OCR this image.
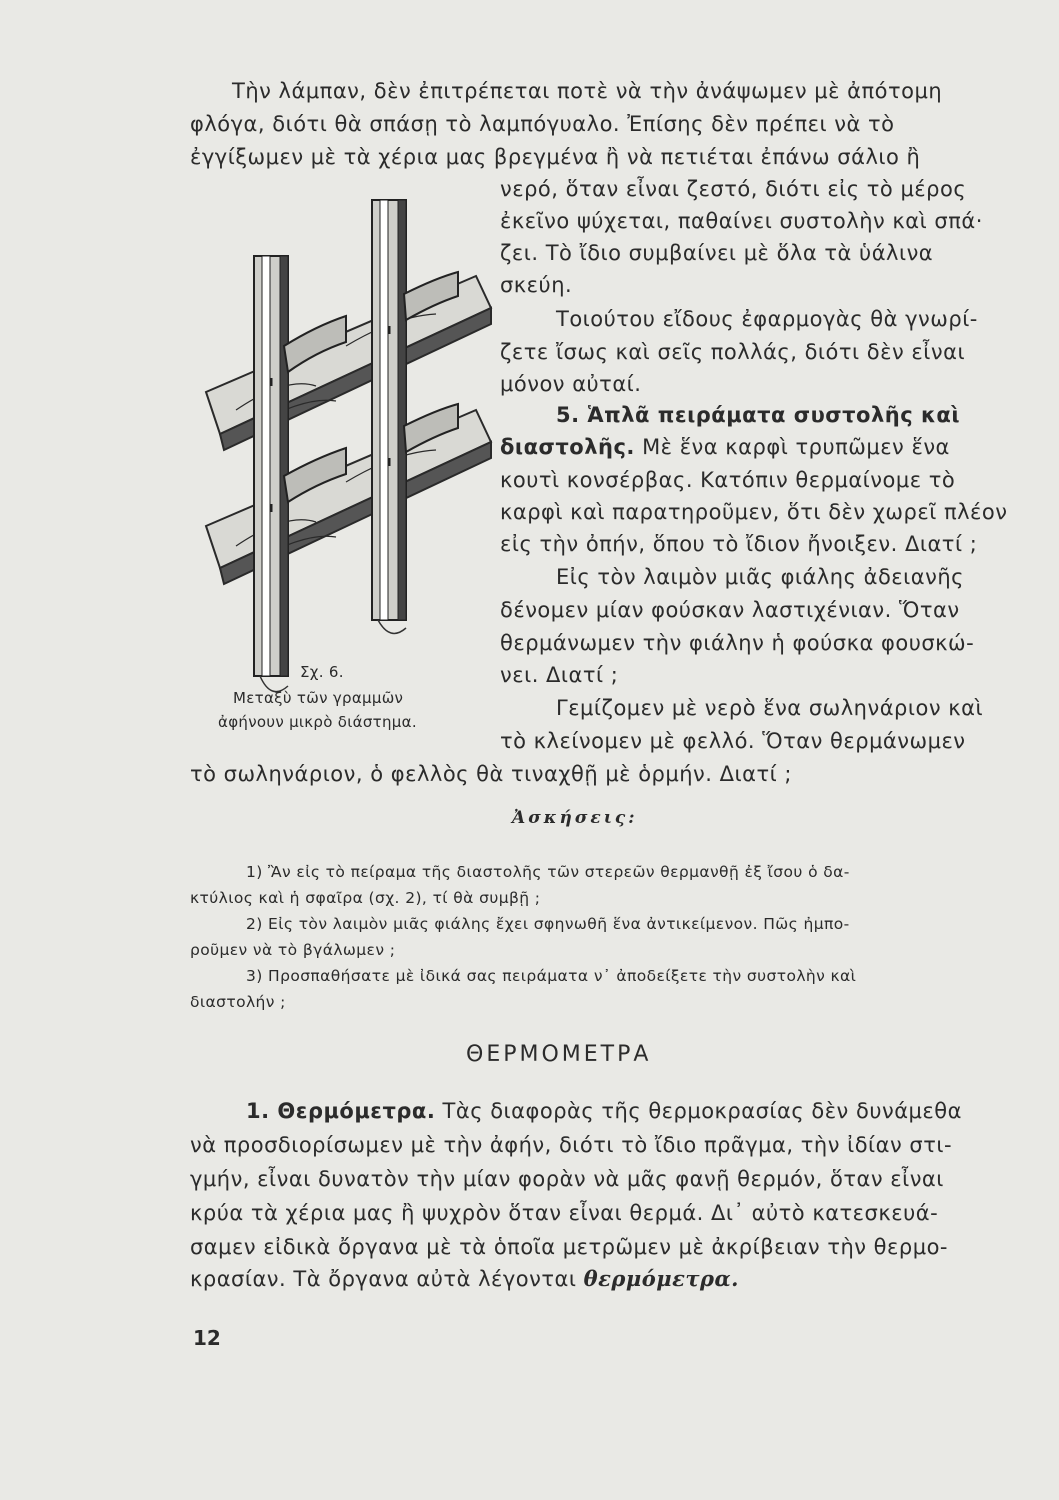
Τὴν λάμπαν, δὲν ἐπιτρέπεται ποτὲ νὰ τὴν ἀνάψωμεν μὲ ἀπότομη
φλόγα, διότι θὰ σπάσῃ τὸ λαμπόγυαλο. Ἐπίσης δὲν πρέπει νὰ τὸ
ἐγγίξωμεν μὲ τὰ χέρια μας βρεγμένα ἢ νὰ πετιέται ἐπάνω σάλιο ἢ
νερό, ὅταν εἶναι ζεστό, διότι εἰς τὸ μέρος
ἐκεῖνο ψύχεται, παθαίνει συστολὴν καὶ σπά·
ζει. Τὸ ἴδιο συμβαίνει μὲ ὅλα τὰ ὑάλινα
σκεύη.
Τοιούτου εἴδους ἐφαρμογὰς θὰ γνωρί-
ζετε ἴσως καὶ σεῖς πολλάς, διότι δὲν εἶναι
μόνον αὐταί.
5. Ἁπλᾶ πειράματα συστολῆς καὶ
διαστολῆς. Μὲ ἕνα καρφὶ τρυπῶμεν ἕνα
κουτὶ κονσέρβας. Κατόπιν θερμαίνομε τὸ
καρφὶ καὶ παρατηροῦμεν, ὅτι δὲν χωρεῖ πλέον
εἰς τὴν ὀπήν, ὅπου τὸ ἴδιον ἤνοιξεν. Διατί ;
Εἰς τὸν λαιμὸν μιᾶς φιάλης ἀδειανῆς
δένομεν μίαν φούσκαν λαστιχένιαν. Ὅταν
θερμάνωμεν τὴν φιάλην ἡ φούσκα φουσκώ-
νει. Διατί ;
Γεμίζομεν μὲ νερὸ ἕνα σωληνάριον καὶ
τὸ κλείνομεν μὲ φελλό. Ὅταν θερμάνωμεν
τὸ σωληνάριον, ὁ φελλὸς θὰ τιναχθῇ μὲ ὁρμήν. Διατί ;
Σχ. 6.
Μεταξὺ τῶν γραμμῶν
ἀφήνουν μικρὸ διάστημα.
Ἀσκήσεις:
1) Ἂν εἰς τὸ πείραμα τῆς διαστολῆς τῶν στερεῶν θερμανθῇ ἐξ ἴσου ὁ δα-
κτύλιος καὶ ἡ σφαῖρα (σχ. 2), τί θὰ συμβῇ ;
2) Εἰς τὸν λαιμὸν μιᾶς φιάλης ἔχει σφηνωθῆ ἕνα ἀντικείμενον. Πῶς ἠμπο-
ροῦμεν νὰ τὸ βγάλωμεν ;
3) Προσπαθήσατε μὲ ἰδικά σας πειράματα ν᾿ ἀποδείξετε τὴν συστολὴν καὶ
διαστολήν ;
ΘΕΡΜΟΜΕΤΡΑ
1. Θερμόμετρα. Τὰς διαφορὰς τῆς θερμοκρασίας δὲν δυνάμεθα
νὰ προσδιορίσωμεν μὲ τὴν ἀφήν, διότι τὸ ἴδιο πρᾶγμα, τὴν ἰδίαν στι-
γμήν, εἶναι δυνατὸν τὴν μίαν φορὰν νὰ μᾶς φανῇ θερμόν, ὅταν εἶναι
κρύα τὰ χέρια μας ἢ ψυχρὸν ὅταν εἶναι θερμά. Δι᾿ αὐτὸ κατεσκευά-
σαμεν εἰδικὰ ὄργανα μὲ τὰ ὁποῖα μετρῶμεν μὲ ἀκρίβειαν τὴν θερμο-
κρασίαν. Τὰ ὄργανα αὐτὰ λέγονται θερμόμετρα.
12
